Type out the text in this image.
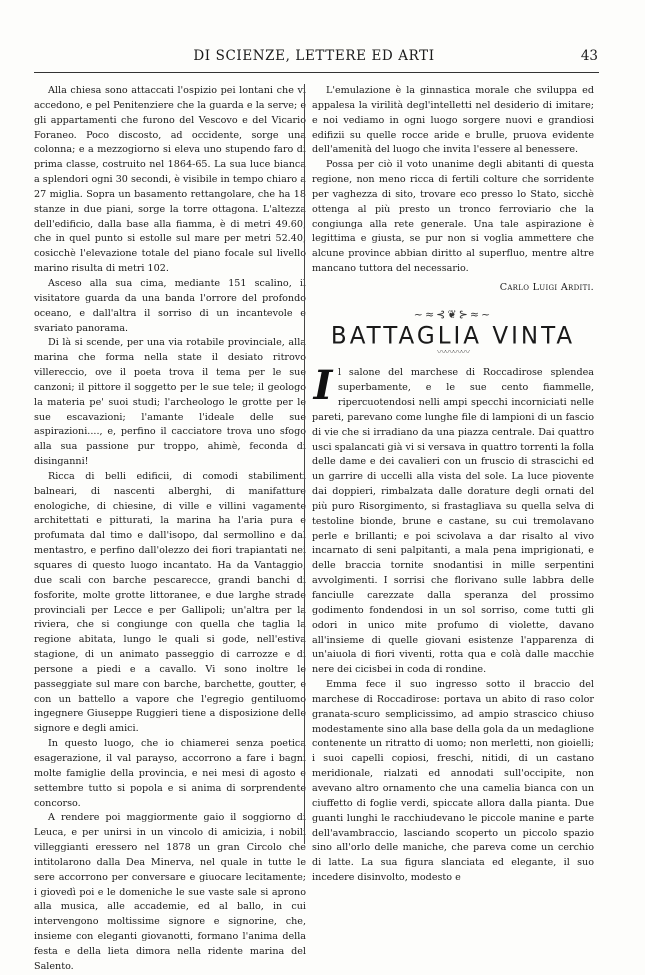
DI SCIENZE, LETTERE ED ARTI	43

Alla chiesa sono attaccati l'ospizio pei lontani che vi accedono, e pel Penitenziere che la guarda e la serve; e gli appartamenti che furono del Vescovo e del Vicario Foraneo. Poco discosto, ad occidente, sorge una colonna; e a mezzogiorno si eleva uno stupendo faro di prima classe, costruito nel 1864-65. La sua luce bianca a splendori ogni 30 secondi, è visibile in tempo chiaro a 27 miglia. Sopra un basamento rettangolare, che ha 18 stanze in due piani, sorge la torre ottagona. L'altezza dell'edificio, dalla base alla fiamma, è di metri 49.60, che in quel punto si estolle sul mare per metri 52.40, cosicchè l'elevazione totale del piano focale sul livello marino risulta di metri 102.

Asceso alla sua cima, mediante 151 scalino, il visitatore guarda da una banda l'orrore del profondo oceano, e dall'altra il sorriso di un incantevole e svariato panorama.

Di là si scende, per una via rotabile provinciale, alla marina che forma nella state il desiato ritrovo villereccio, ove il poeta trova il tema per le sue canzoni; il pittore il soggetto per le sue tele; il geologo la materia pe' suoi studi; l'archeologo le grotte per le sue escavazioni; l'amante l'ideale delle sue aspirazioni...., e, perfino il cacciatore trova uno sfogo alla sua passione pur troppo, ahimè, feconda di disinganni!

Ricca di belli edificii, di comodi stabilimenti balneari, di nascenti alberghi, di manifatture enologiche, di chiesine, di ville e villini vagamente architettati e pitturati, la marina ha l'aria pura e profumata dal timo e dall'isopo, dal sermollino e dal mentastro, e perfino dall'olezzo dei fiori trapiantati nei squares di questo luogo incantato. Ha da Vantaggio, due scali con barche pescarecce, grandi banchi di fosforite, molte grotte littoranee, e due larghe strade provinciali per Lecce e per Gallipoli; un'altra per la riviera, che si congiunge con quella che taglia la regione abitata, lungo le quali si gode, nell'estiva stagione, di un animato passeggio di carrozze e di persone a piedi e a cavallo. Vi sono inoltre le passeggiate sul mare con barche, barchette, goutter, e con un battello a vapore che l'egregio gentiluomo ingegnere Giuseppe Ruggieri tiene a disposizione delle signore e degli amici.

In questo luogo, che io chiamerei senza poetica esagerazione, il val parayso, accorrono a fare i bagni molte famiglie della provincia, e nei mesi di agosto e settembre tutto si popola e si anima di sorprendente concorso.

A rendere poi maggiormente gaio il soggiorno di Leuca, e per unirsi in un vincolo di amicizia, i nobili villeggianti eressero nel 1878 un gran Circolo che intitolarono dalla Dea Minerva, nel quale in tutte le sere accorrono per conversare e giuocare lecitamente; i giovedì poi e le domeniche le sue vaste sale si aprono alla musica, alle accademie, ed al ballo, in cui intervengono moltissime signore e signorine, che, insieme con eleganti giovanotti, formano l'anima della festa e della lieta dimora nella ridente marina del Salento.

L'emulazione è la ginnastica morale che sviluppa ed appalesa la virilità degl'intelletti nel desiderio di imitare; e noi vediamo in ogni luogo sorgere nuovi e grandiosi edifizii su quelle rocce aride e brulle, pruova evidente dell'amenità del luogo che invita l'essere al benessere.

Possa per ciò il voto unanime degli abitanti di questa regione, non meno ricca di fertili colture che sorridente per vaghezza di sito, trovare eco presso lo Stato, sicchè ottenga al più presto un tronco ferroviario che la congiunga alla rete generale. Una tale aspirazione è legittima e giusta, se pur non si voglia ammettere che alcune province abbian diritto al superfluo, mentre altre mancano tuttora del necessario.

Carlo Luigi Arditi.
~≈⊰❦⊱≈~
BATTAGLIA VINTA
〰〰〰〰
I l salone del marchese di Roccadirose splendea superbamente, e le sue cento fiammelle, ripercuotendosi nelli ampi specchi incorniciati nelle pareti, parevano come lunghe file di lampioni di un fascio di vie che si irradiano da una piazza centrale. Dai quattro usci spalancati già vi si versava in quattro torrenti la folla delle dame e dei cavalieri con un fruscio di strascichi ed un garrire di uccelli alla vista del sole. La luce piovente dai doppieri, rimbalzata dalle dorature degli ornati del più puro Risorgimento, si frastagliava su quella selva di testoline bionde, brune e castane, su cui tremolavano perle e brillanti; e poi scivolava a dar risalto al vivo incarnato di seni palpitanti, a mala pena imprigionati, e delle braccia tornite snodantisi in mille serpentini avvolgimenti. I sorrisi che florivano sulle labbra delle fanciulle carezzate dalla speranza del prossimo godimento fondendosi in un sol sorriso, come tutti gli odori in unico mite profumo di violette, davano all'insieme di quelle giovani esistenze l'apparenza di un'aiuola di fiori viventi, rotta qua e colà dalle macchie nere dei cicisbei in coda di rondine.

Emma fece il suo ingresso sotto il braccio del marchese di Roccadirose: portava un abito di raso color granata-scuro semplicissimo, ad ampio strascico chiuso modestamente sino alla base della gola da un medaglione contenente un ritratto di uomo; non merletti, non gioielli; i suoi capelli copiosi, freschi, nitidi, di un castano meridionale, rialzati ed annodati sull'occipite, non avevano altro ornamento che una camelia bianca con un ciuffetto di foglie verdi, spiccate allora dalla pianta. Due guanti lunghi le racchiudevano le piccole manine e parte dell'avambraccio, lasciando scoperto un piccolo spazio sino all'orlo delle maniche, che pareva come un cerchio di latte. La sua figura slanciata ed elegante, il suo incedere disinvolto, modesto e
